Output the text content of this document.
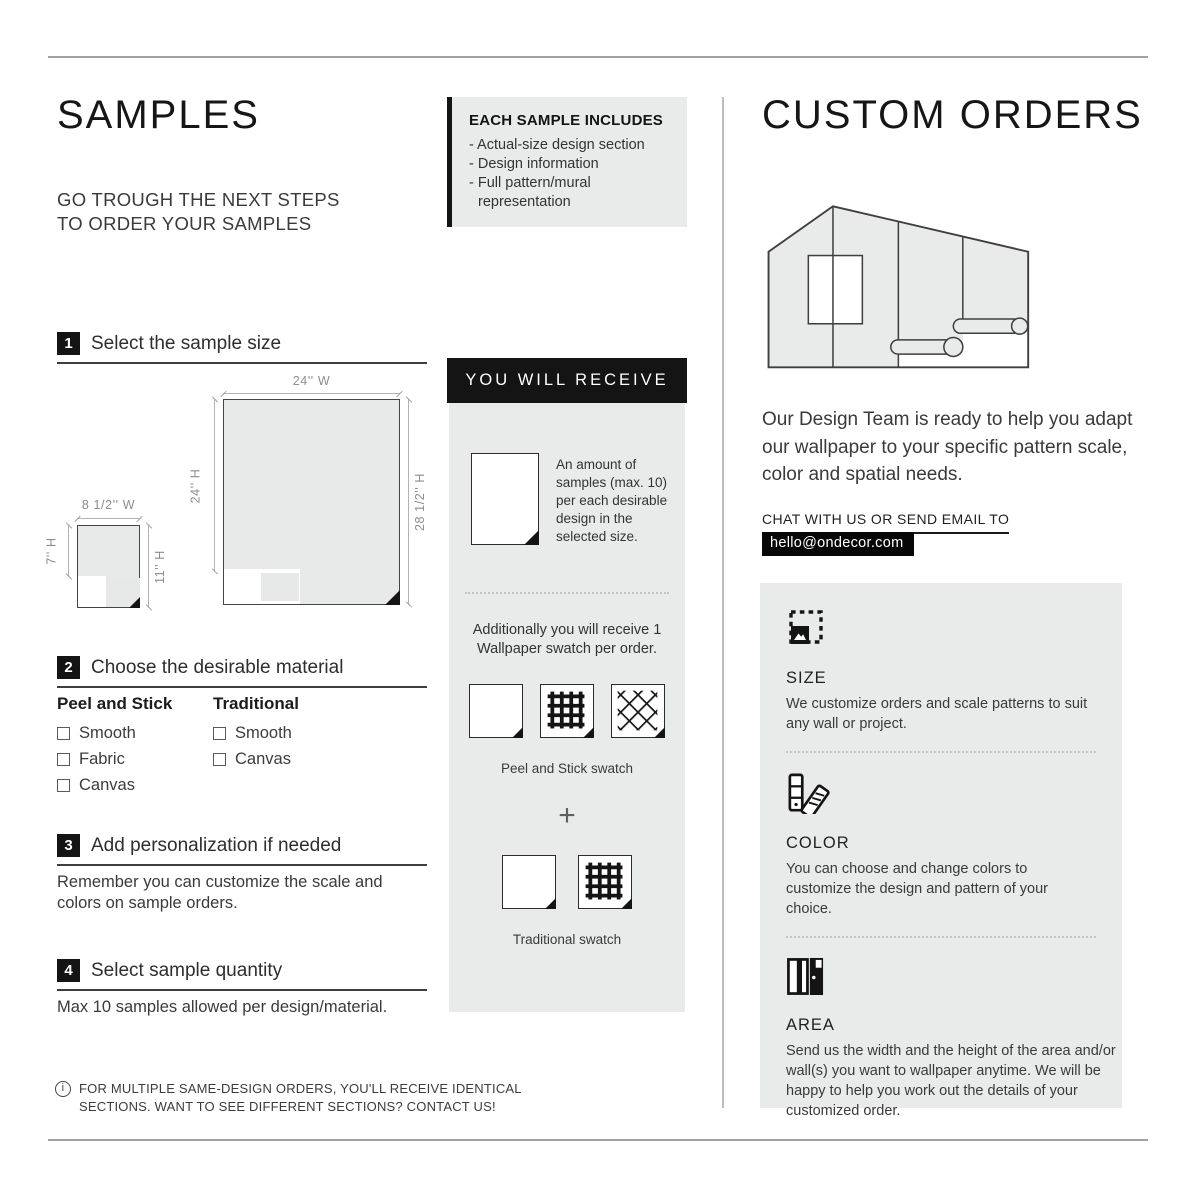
SAMPLES
GO TROUGH THE NEXT STEPS
TO ORDER YOUR SAMPLES
1 Select the sample size
24'' W
24'' H	28 1/2'' H
8 1/2'' W
7'' H	11'' H
2 Choose the desirable material
Peel and Stick
Smooth
Fabric
Canvas
Traditional
Smooth
Canvas
3 Add personalization if needed
Remember you can customize the scale and colors on sample orders.
4 Select sample quantity
Max 10 samples allowed per design/material.
i	FOR MULTIPLE SAME-DESIGN ORDERS, YOU'LL RECEIVE IDENTICAL SECTIONS. WANT TO SEE DIFFERENT SECTIONS? CONTACT US!
EACH SAMPLE INCLUDES
- Actual-size design section
- Design information
- Full pattern/mural representation
YOU WILL RECEIVE
An amount of samples (max. 10) per each desirable design in the selected size.
Additionally you will receive 1 Wallpaper swatch per order.
Peel and Stick swatch
+
Traditional swatch
CUSTOM ORDERS
Our Design Team is ready to help you adapt our wallpaper to your specific pattern scale, color and spatial needs.
CHAT WITH US OR SEND EMAIL TO
hello@ondecor.com
SIZE
We customize orders and scale patterns to suit any wall or project.
COLOR
You can choose and change colors to customize the design and pattern of your choice.
AREA
Send us the width and the height of the area and/or wall(s) you want to wallpaper anytime. We will be happy to help you work out the details of your customized order.
